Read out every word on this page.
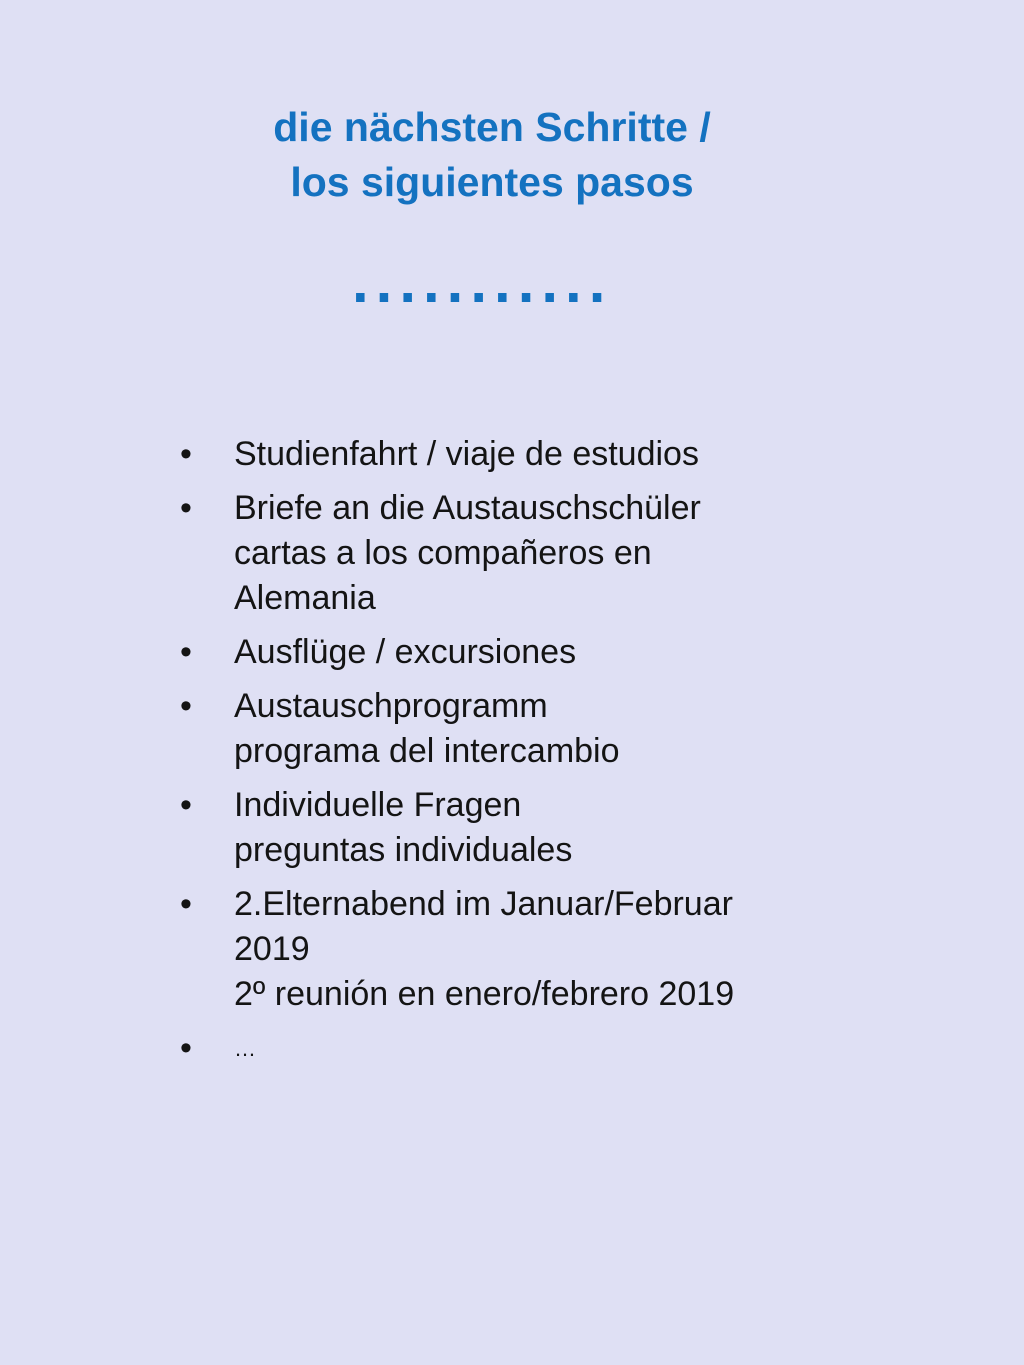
die nächsten Schritte /
los siguientes pasos
...........
• Studienfahrt / viaje de estudios
• Briefe an die Austauschschüler
cartas a los compañeros en
Alemania
• Ausflüge / excursiones
• Austauschprogramm
programa del intercambio
• Individuelle Fragen
preguntas individuales
• 2.Elternabend im Januar/Februar
2019
2º reunión en enero/febrero 2019
•	…
